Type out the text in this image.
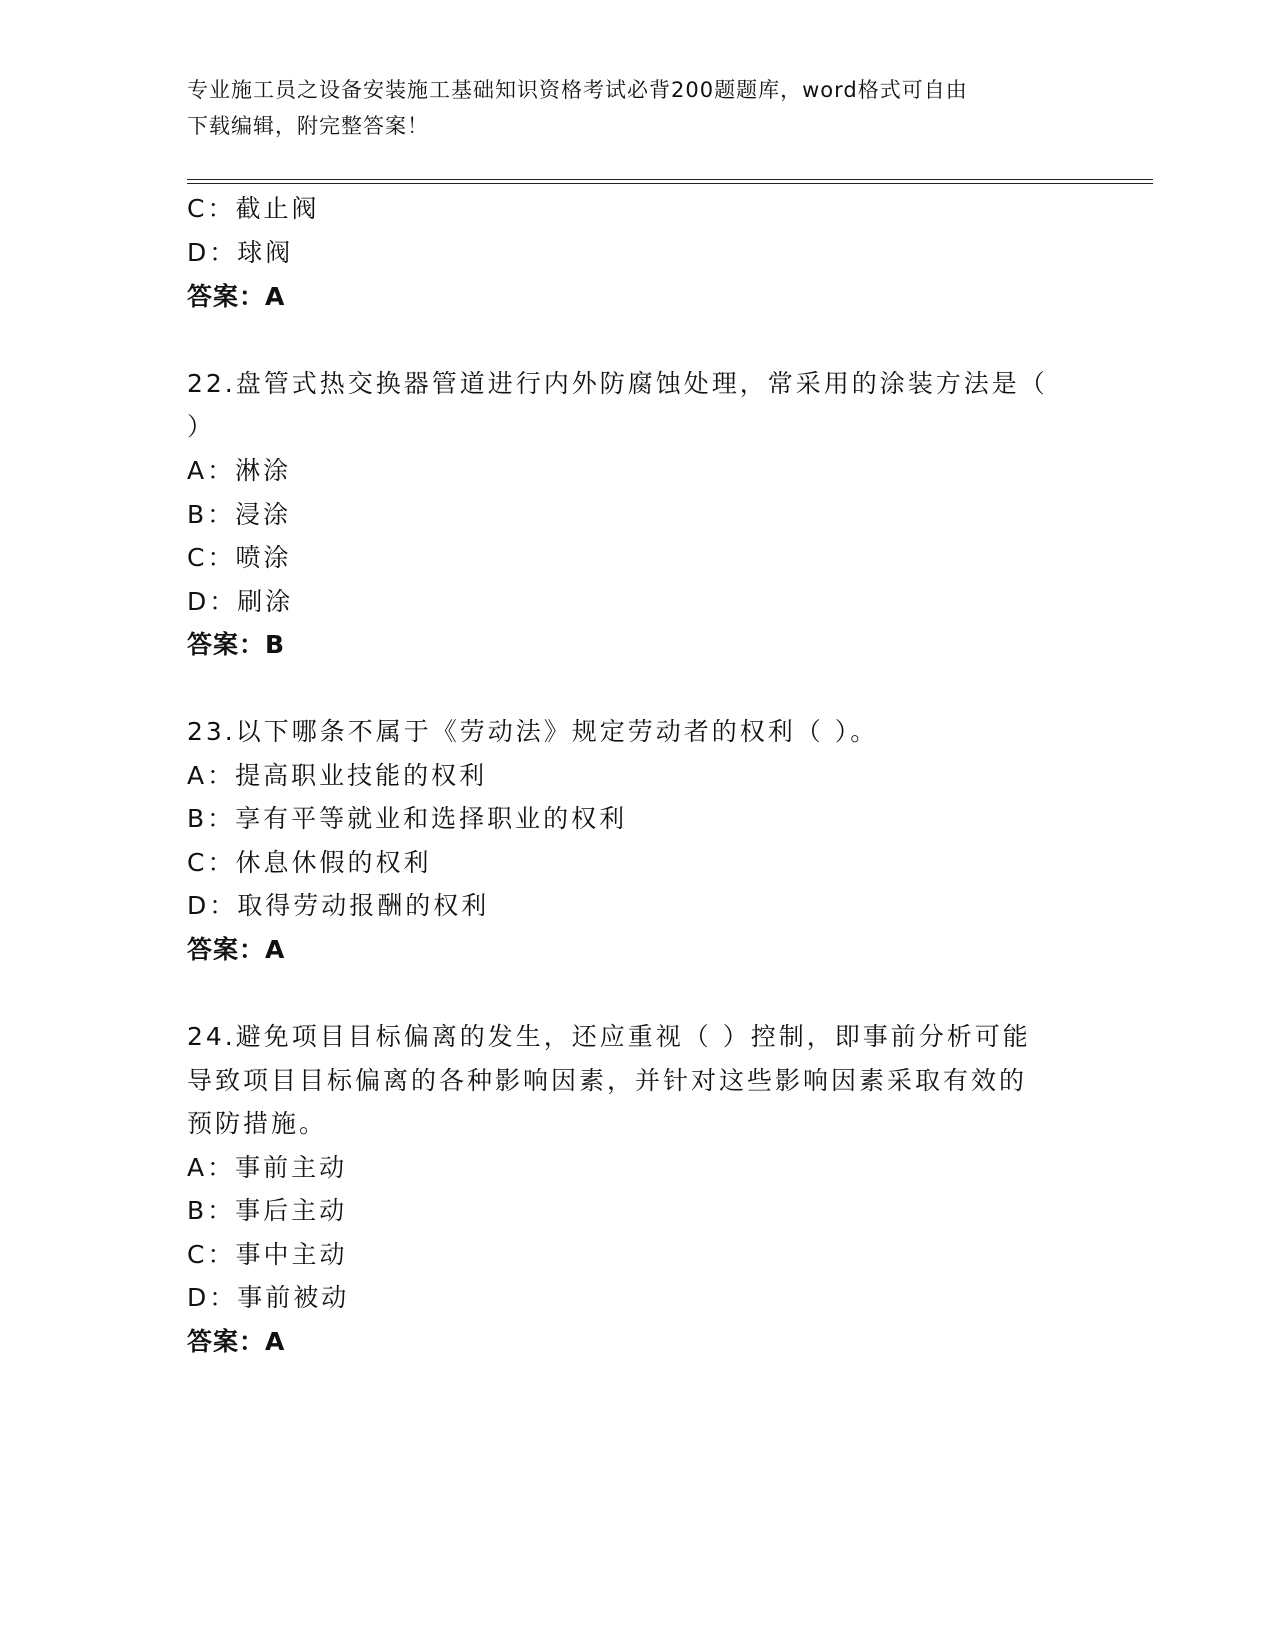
专业施工员之设备安装施工基础知识资格考试必背200题题库，word格式可自由
下载编辑，附完整答案！
C：截止阀
D：球阀
答案：A
22.盘管式热交换器管道进行内外防腐蚀处理，常采用的涂装方法是（
）
A：淋涂
B：浸涂
C：喷涂
D：刷涂
答案：B
23.以下哪条不属于《劳动法》规定劳动者的权利（ ）。
A：提高职业技能的权利
B：享有平等就业和选择职业的权利
C：休息休假的权利
D：取得劳动报酬的权利
答案：A
24.避免项目目标偏离的发生，还应重视（ ）控制，即事前分析可能
导致项目目标偏离的各种影响因素，并针对这些影响因素采取有效的
预防措施。
A：事前主动
B：事后主动
C：事中主动
D：事前被动
答案：A
